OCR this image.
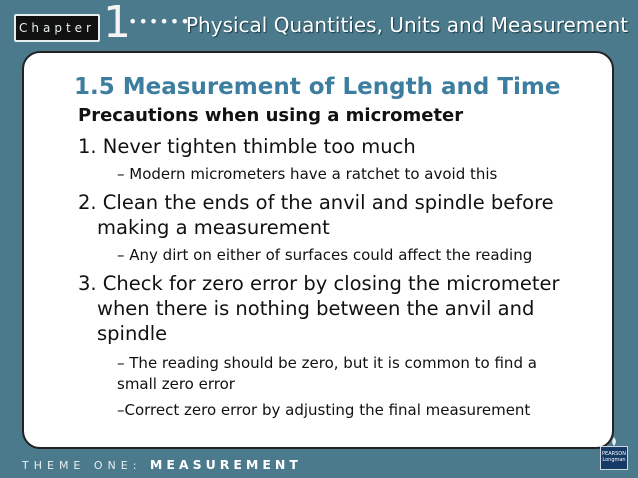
Chapter 1
••••••
Physical Quantities, Units and Measurement
1.5 Measurement of Length and Time
Precautions when using a micrometer
1. Never tighten thimble too much
– Modern micrometers have a ratchet to avoid this
2. Clean the ends of the anvil and spindle before
making a measurement
– Any dirt on either of surfaces could affect the reading
3. Check for zero error by closing the micrometer
when there is nothing between the anvil and
spindle
– The reading should be zero, but it is common to find a
small zero error
–Correct zero error by adjusting the final measurement
THEME ONE: MEASUREMENT
PEARSON Longman
